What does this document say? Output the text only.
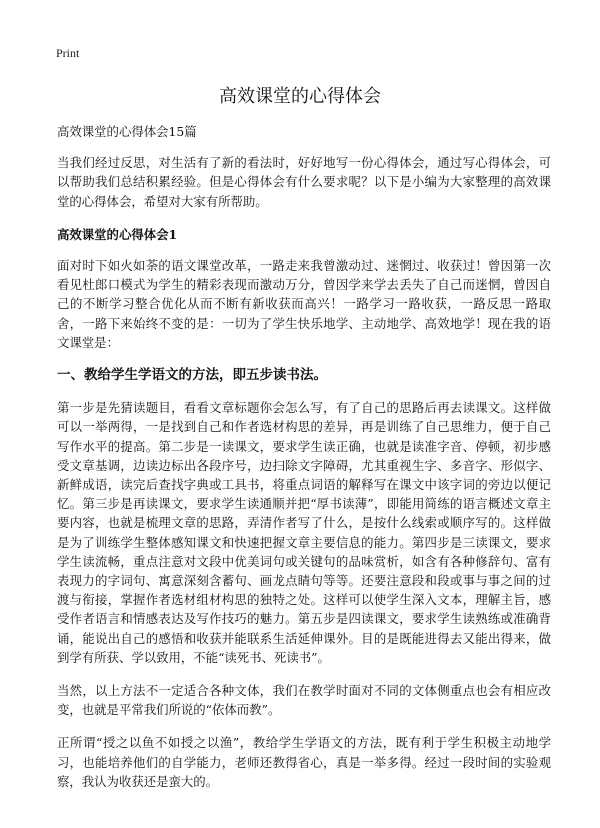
Print
高效课堂的心得体会

高效课堂的心得体会15篇

当我们经过反思，对生活有了新的看法时，好好地写一份心得体会，通过写心得体会，可以帮助我们总结积累经验。但是心得体会有什么要求呢？以下是小编为大家整理的高效课堂的心得体会，希望对大家有所帮助。

高效课堂的心得体会1

面对时下如火如荼的语文课堂改革，一路走来我曾激动过、迷惘过、收获过！曾因第一次看见杜郎口模式为学生的精彩表现而激动万分，曾因学来学去丢失了自己而迷惘，曾因自己的不断学习整合优化从而不断有新收获而高兴！一路学习一路收获，一路反思一路取舍，一路下来始终不变的是：一切为了学生快乐地学、主动地学、高效地学！现在我的语文课堂是：

一、教给学生学语文的方法，即五步读书法。

第一步是先猜读题目，看看文章标题你会怎么写，有了自己的思路后再去读课文。这样做可以一举两得，一是找到自己和作者选材构思的差异，再是训练了自己思维力，便于自己写作水平的提高。第二步是一读课文，要求学生读正确，也就是读准字音、停顿，初步感受文章基调，边读边标出各段序号，边扫除文字障碍，尤其重视生字、多音字、形似字、新鲜成语，读完后查找字典或工具书，将重点词语的解释写在课文中该字词的旁边以便记忆。第三步是再读课文，要求学生读通顺并把“厚书读薄”，即能用简练的语言概述文章主要内容，也就是梳理文章的思路，弄清作者写了什么，是按什么线索或顺序写的。这样做是为了训练学生整体感知课文和快速把握文章主要信息的能力。第四步是三读课文，要求学生读流畅，重点注意对文段中优美词句或关键句的品味赏析，如含有各种修辞句、富有表现力的字词句、寓意深刻含蓄句、画龙点睛句等等。还要注意段和段或事与事之间的过渡与衔接，掌握作者选材组材构思的独特之处。这样可以使学生深入文本，理解主旨，感受作者语言和情感表达及写作技巧的魅力。第五步是四读课文，要求学生读熟练或准确背诵，能说出自己的感悟和收获并能联系生活延伸课外。目的是既能进得去又能出得来，做到学有所获、学以致用，不能“读死书、死读书”。

当然，以上方法不一定适合各种文体，我们在教学时面对不同的文体侧重点也会有相应改变，也就是平常我们所说的“依体而教”。

正所谓“授之以鱼不如授之以渔”，教给学生学语文的方法，既有利于学生积极主动地学习，也能培养他们的自学能力，老师还教得省心，真是一举多得。经过一段时间的实验观察，我认为收获还是蛮大的。
